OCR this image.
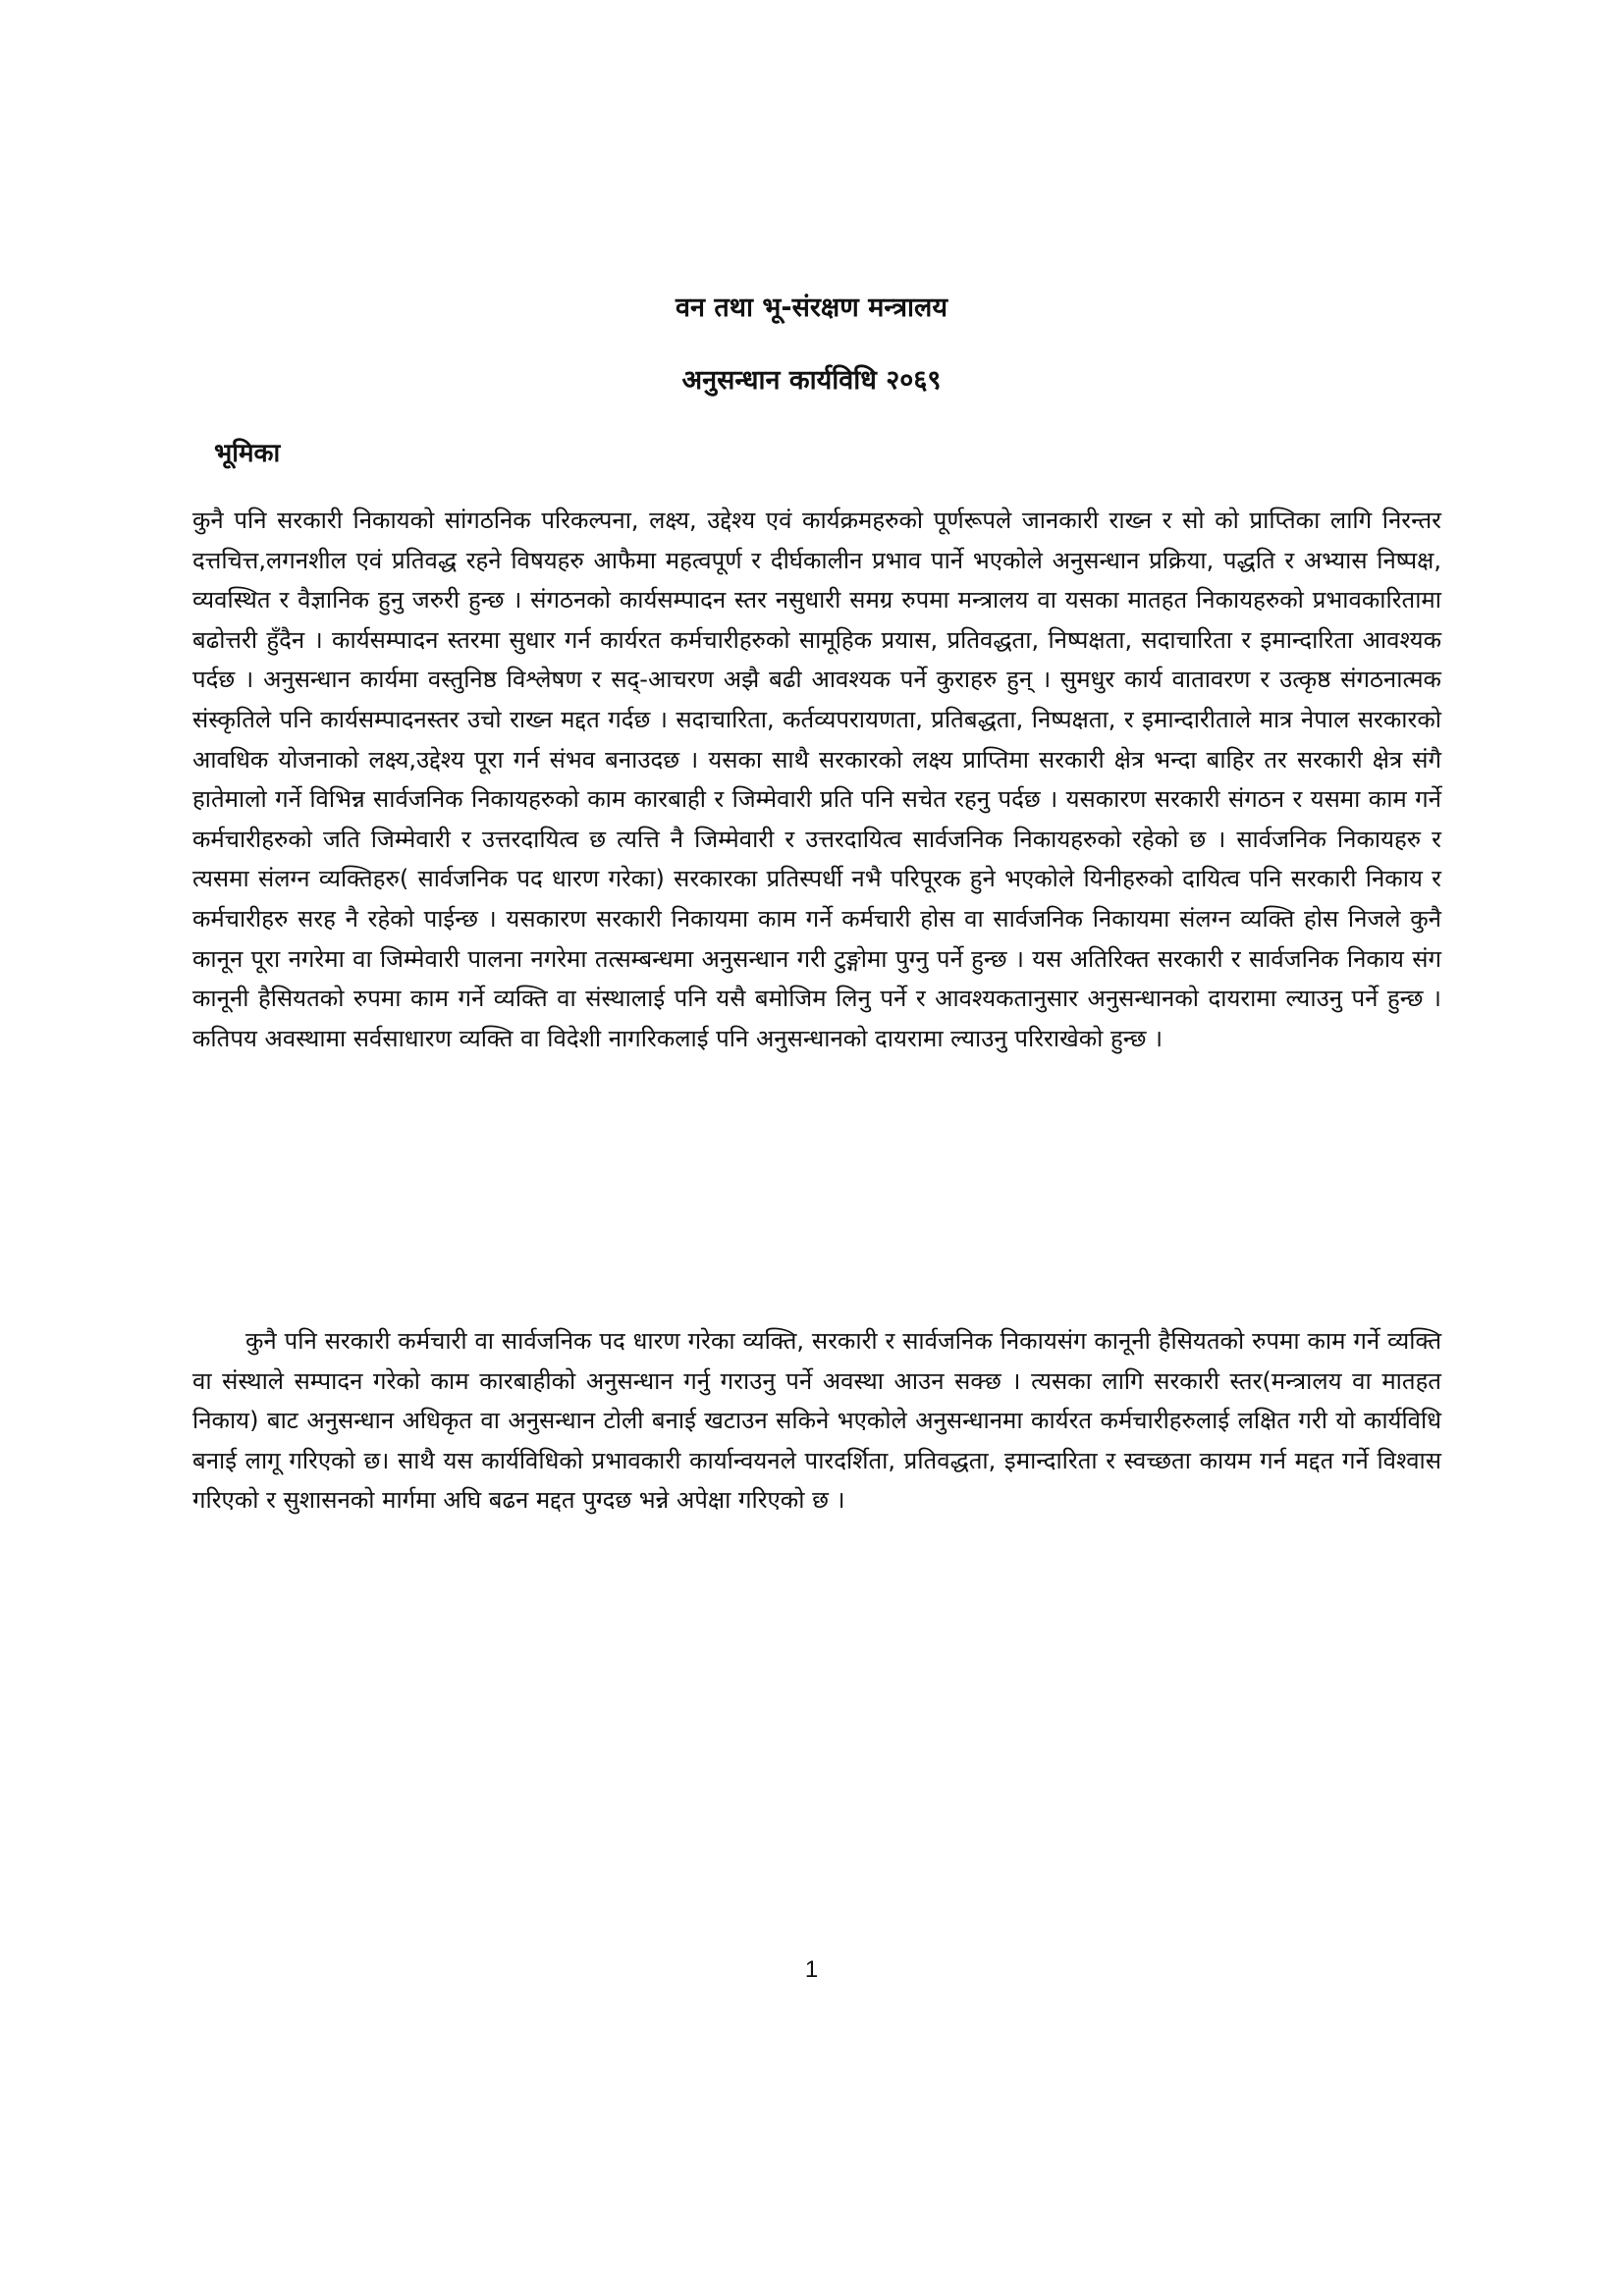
वन तथा भू-संरक्षण मन्त्रालय
अनुसन्धान कार्यविधि २०६९
भूमिका

कुनै पनि सरकारी निकायको सांगठनिक परिकल्पना, लक्ष्य, उद्देश्य एवं कार्यक्रमहरुको पूर्णरूपले जानकारी राख्न र सो को प्राप्तिका लागि निरन्तर दत्तचित्त,लगनशील एवं प्रतिवद्ध रहने विषयहरु आफैमा महत्वपूर्ण र दीर्घकालीन प्रभाव पार्ने भएकोले अनुसन्धान प्रक्रिया, पद्धति र अभ्यास निष्पक्ष, व्यवस्थित र वैज्ञानिक हुनु जरुरी हुन्छ । संगठनको कार्यसम्पादन स्तर नसुधारी समग्र रुपमा मन्त्रालय वा यसका मातहत निकायहरुको प्रभावकारितामा बढोत्तरी हुँदैन । कार्यसम्पादन स्तरमा सुधार गर्न कार्यरत कर्मचारीहरुको सामूहिक प्रयास, प्रतिवद्धता, निष्पक्षता, सदाचारिता र इमान्दारिता आवश्यक पर्दछ । अनुसन्धान कार्यमा वस्तुनिष्ठ विश्लेषण र सद्-आचरण अझै बढी आवश्यक पर्ने कुराहरु हुन् । सुमधुर कार्य वातावरण र उत्कृष्ठ संगठनात्मक संस्कृतिले पनि कार्यसम्पादनस्तर उचो राख्न मद्दत गर्दछ । सदाचारिता, कर्तव्यपरायणता, प्रतिबद्धता, निष्पक्षता, र इमान्दारीताले मात्र नेपाल सरकारको आवधिक योजनाको लक्ष्य,उद्देश्य पूरा गर्न संभव बनाउदछ । यसका साथै सरकारको लक्ष्य प्राप्तिमा सरकारी क्षेत्र भन्दा बाहिर तर सरकारी क्षेत्र संगै हातेमालो गर्ने विभिन्न सार्वजनिक निकायहरुको काम कारबाही र जिम्मेवारी प्रति पनि सचेत रहनु पर्दछ । यसकारण सरकारी संगठन र यसमा काम गर्ने कर्मचारीहरुको जति जिम्मेवारी र उत्तरदायित्व छ त्यत्ति नै जिम्मेवारी र उत्तरदायित्व सार्वजनिक निकायहरुको रहेको छ । सार्वजनिक निकायहरु र त्यसमा संलग्न व्यक्तिहरु( सार्वजनिक पद धारण गरेका) सरकारका प्रतिस्पर्धी नभै परिपूरक हुने भएकोले यिनीहरुको दायित्व पनि सरकारी निकाय र कर्मचारीहरु सरह नै रहेको पाईन्छ । यसकारण सरकारी निकायमा काम गर्ने कर्मचारी होस वा सार्वजनिक निकायमा संलग्न व्यक्ति होस निजले कुनै कानून पूरा नगरेमा वा जिम्मेवारी पालना नगरेमा तत्सम्बन्धमा अनुसन्धान गरी टुङ्गोमा पुग्नु पर्ने हुन्छ । यस अतिरिक्त सरकारी र सार्वजनिक निकाय संग कानूनी हैसियतको रुपमा काम गर्ने व्यक्ति वा संस्थालाई पनि यसै बमोजिम लिनु पर्ने र आवश्यकतानुसार अनुसन्धानको दायरामा ल्याउनु पर्ने हुन्छ । कतिपय अवस्थामा सर्वसाधारण व्यक्ति वा विदेशी नागरिकलाई पनि अनुसन्धानको दायरामा ल्याउनु परिराखेको हुन्छ ।

कुनै पनि सरकारी कर्मचारी वा सार्वजनिक पद धारण गरेका व्यक्ति, सरकारी र सार्वजनिक निकायसंग कानूनी हैसियतको रुपमा काम गर्ने व्यक्ति वा संस्थाले सम्पादन गरेको काम कारबाहीको अनुसन्धान गर्नु गराउनु पर्ने अवस्था आउन सक्छ । त्यसका लागि सरकारी स्तर(मन्त्रालय वा मातहत निकाय) बाट अनुसन्धान अधिकृत वा अनुसन्धान टोली बनाई खटाउन सकिने भएकोले अनुसन्धानमा कार्यरत कर्मचारीहरुलाई लक्षित गरी यो कार्यविधि बनाई लागू गरिएको छ। साथै यस कार्यविधिको प्रभावकारी कार्यान्वयनले पारदर्शिता, प्रतिवद्धता, इमान्दारिता र स्वच्छता कायम गर्न मद्दत गर्ने विश्वास गरिएको र सुशासनको मार्गमा अघि बढन मद्दत पुग्दछ भन्ने अपेक्षा गरिएको छ ।

1
